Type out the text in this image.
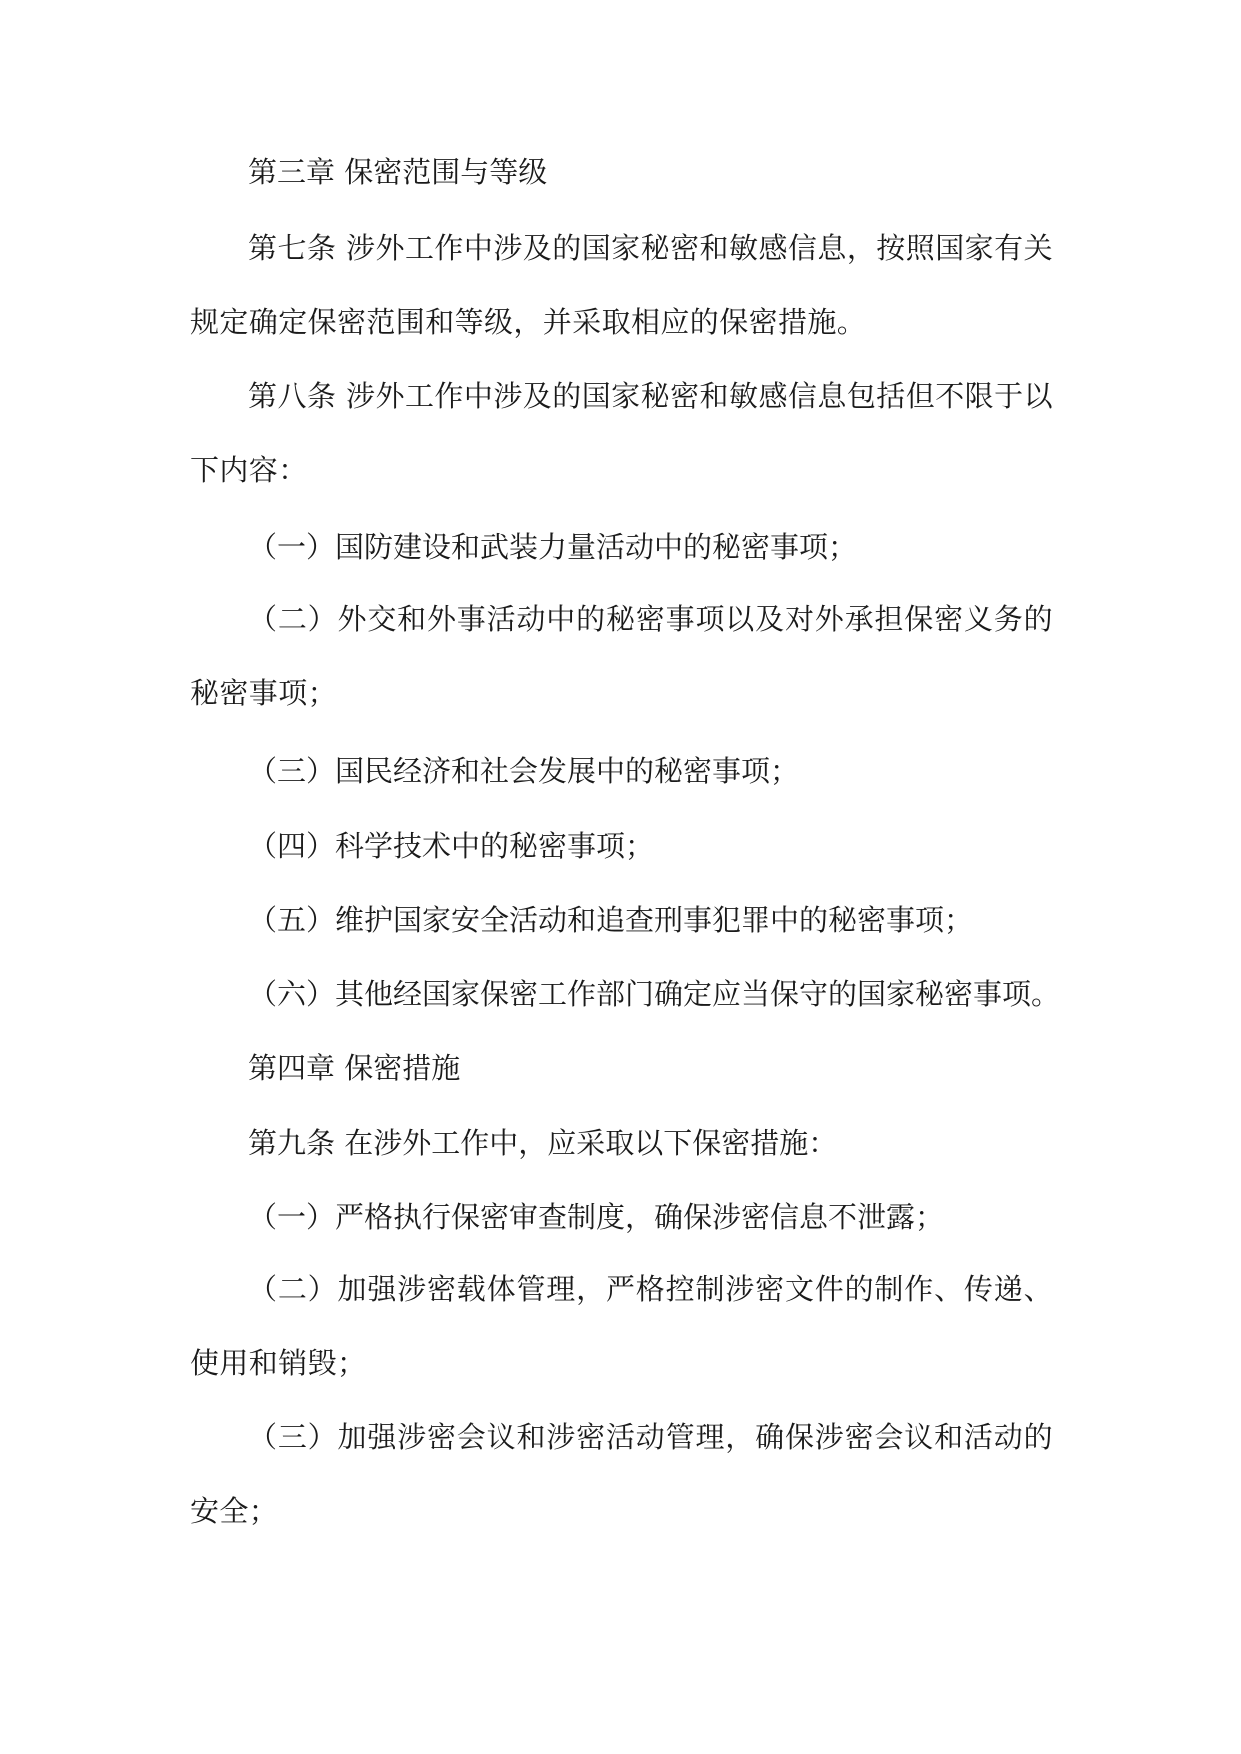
第三章 保密范围与等级

第七条 涉外工作中涉及的国家秘密和敏感信息，按照国家有关规定确定保密范围和等级，并采取相应的保密措施。

第八条 涉外工作中涉及的国家秘密和敏感信息包括但不限于以下内容：

（一）国防建设和武装力量活动中的秘密事项；

（二）外交和外事活动中的秘密事项以及对外承担保密义务的秘密事项；

（三）国民经济和社会发展中的秘密事项；

（四）科学技术中的秘密事项；

（五）维护国家安全活动和追查刑事犯罪中的秘密事项；

（六）其他经国家保密工作部门确定应当保守的国家秘密事项。

第四章 保密措施

第九条 在涉外工作中，应采取以下保密措施：

（一）严格执行保密审查制度，确保涉密信息不泄露；

（二）加强涉密载体管理，严格控制涉密文件的制作、传递、使用和销毁；

（三）加强涉密会议和涉密活动管理，确保涉密会议和活动的安全；
